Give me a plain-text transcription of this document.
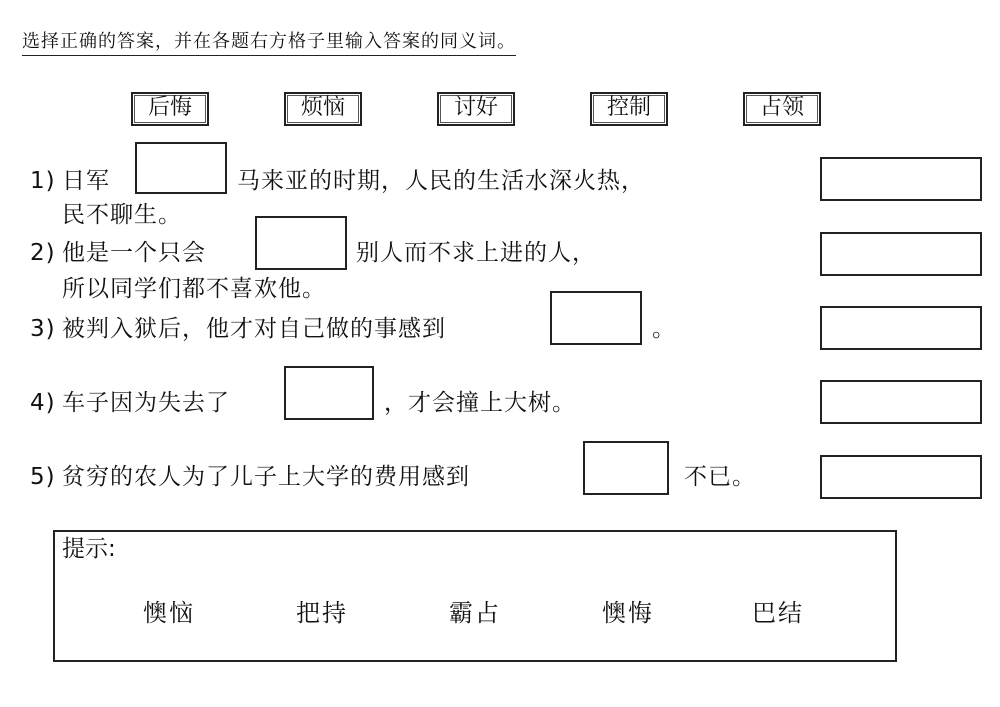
选择正确的答案，并在各题右方格子里输入答案的同义词。
后悔	烦恼	讨好	控制	占领
1) 日军	马来亚的时期，人民的生活水深火热，
民不聊生。
2) 他是一个只会	别人而不求上进的人，
所以同学们都不喜欢他。
3) 被判入狱后，他才对自己做的事感到	。
4) 车子因为失去了	，才会撞上大树。
5) 贫穷的农人为了儿子上大学的费用感到	不已。
提示:
懊恼	把持	霸占	懊悔	巴结
